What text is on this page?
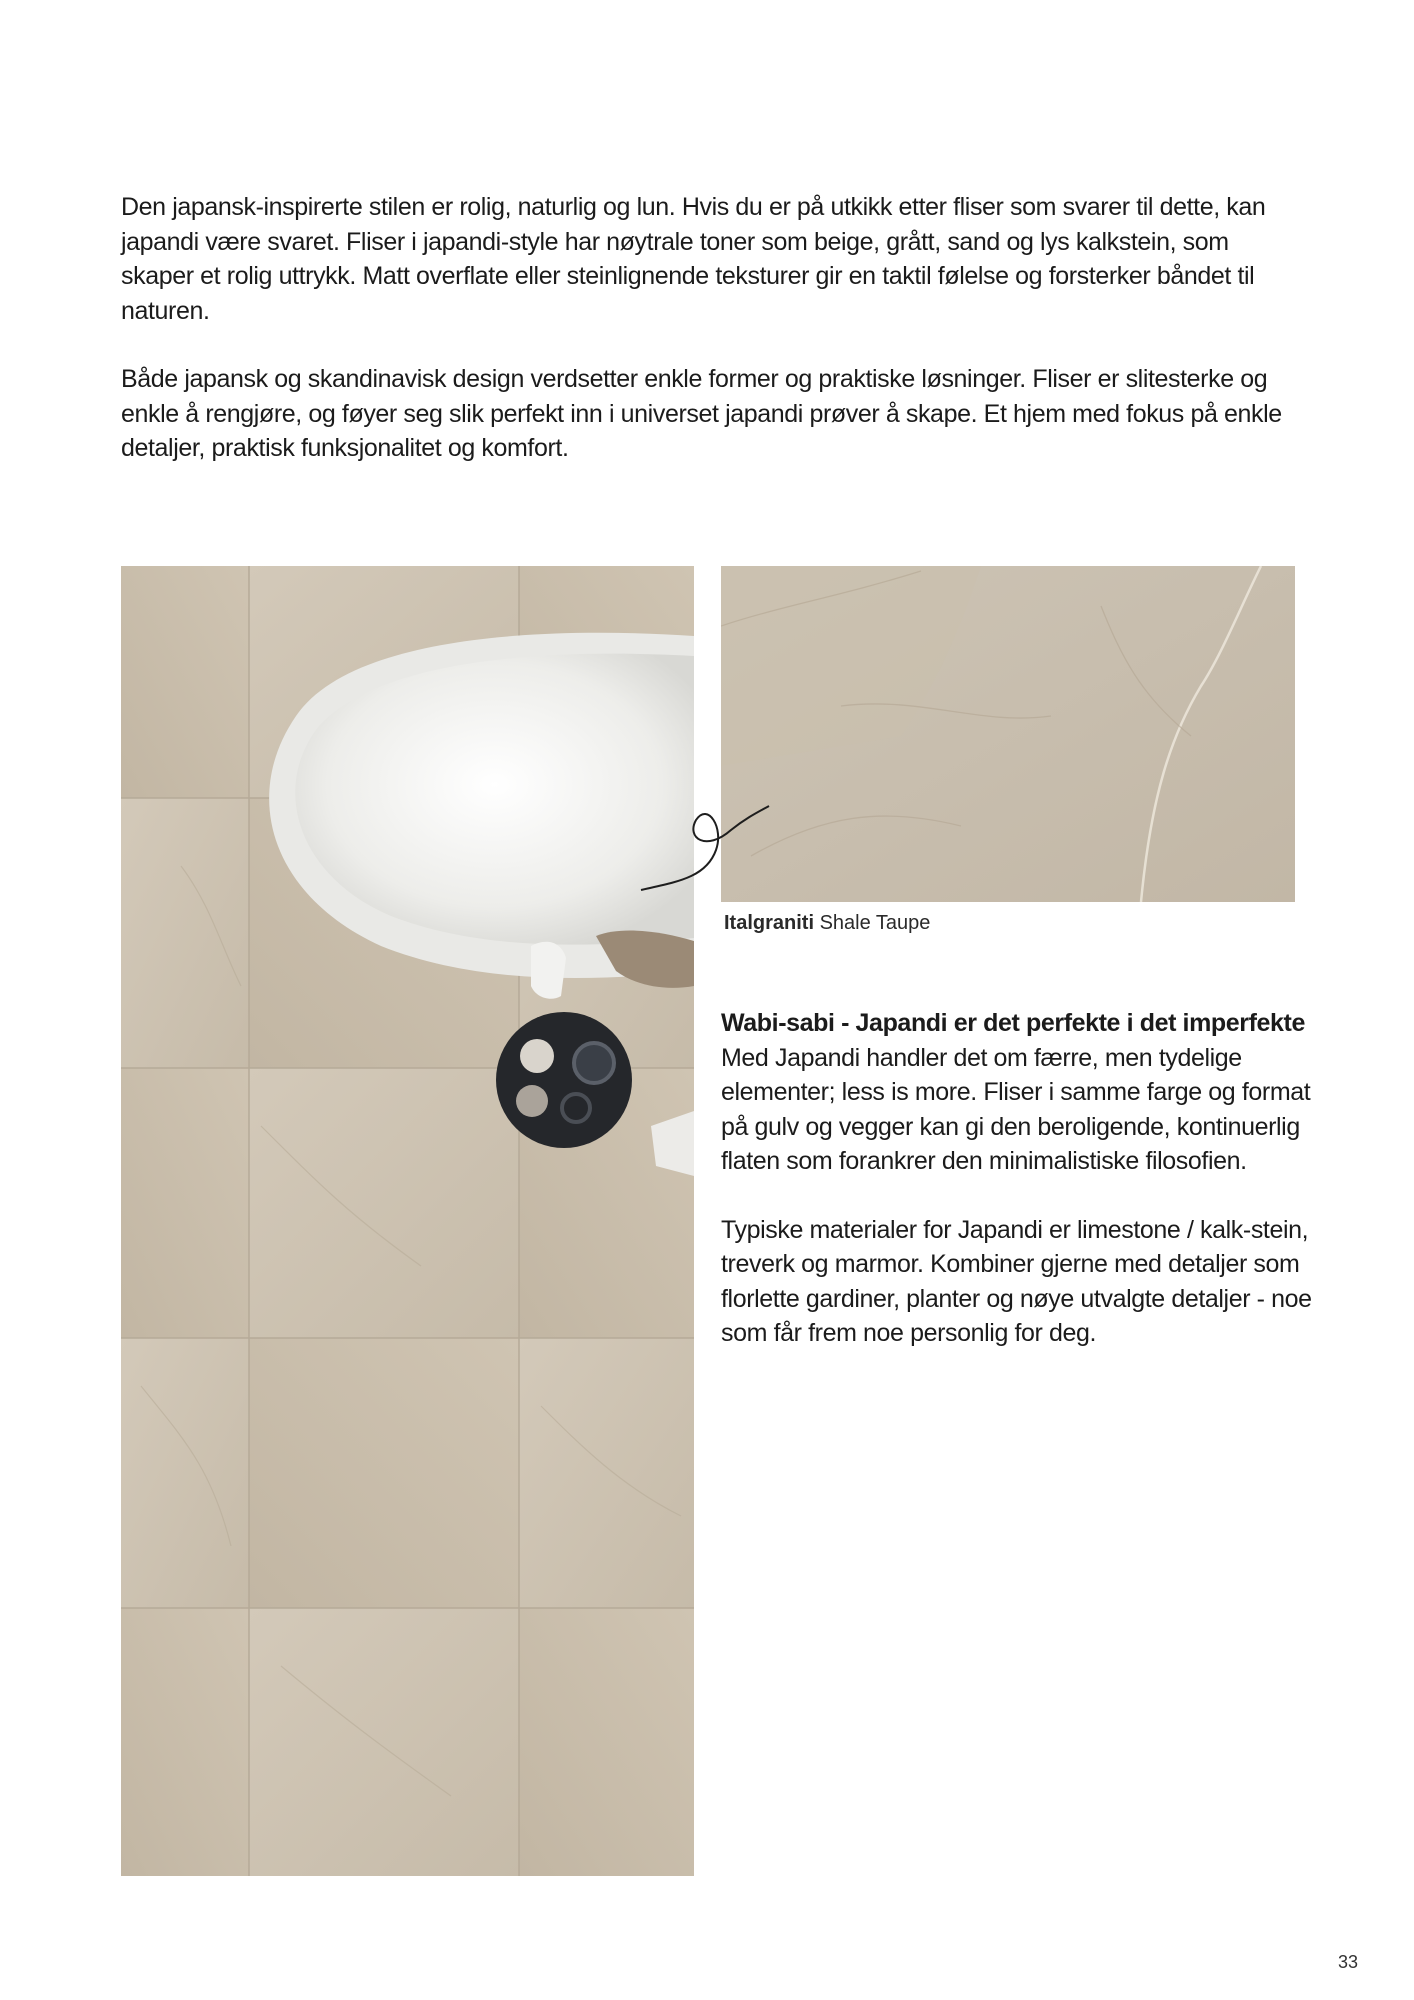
Den japansk-inspirerte stilen er rolig, naturlig og lun. Hvis du er på utkikk etter fliser som svarer til dette, kan japandi være svaret. Fliser i japandi-style har nøytrale toner som beige, grått, sand og lys kalkstein, som skaper et rolig uttrykk. Matt overflate eller steinlignende teksturer gir en taktil følelse og forsterker båndet til naturen.

Både japansk og skandinavisk design verdsetter enkle former og praktiske løsninger. Fliser er slitesterke og enkle å rengjøre, og føyer seg slik perfekt inn i universet japandi prøver å skape. Et hjem med fokus på enkle detaljer, praktisk funksjonalitet og komfort.

Italgraniti Shale Taupe
Wabi-sabi - Japandi er det perfekte i det imperfekte

Med Japandi handler det om færre, men tydelige elementer; less is more. Fliser i samme farge og format på gulv og vegger kan gi den beroligende, kontinuerlig flaten som forankrer den minimalistiske filosofien.

Typiske materialer for Japandi er limestone / kalk-stein, treverk og marmor. Kombiner gjerne med detaljer som florlette gardiner, planter og nøye utvalgte detaljer - noe som får frem noe personlig for deg.

33
